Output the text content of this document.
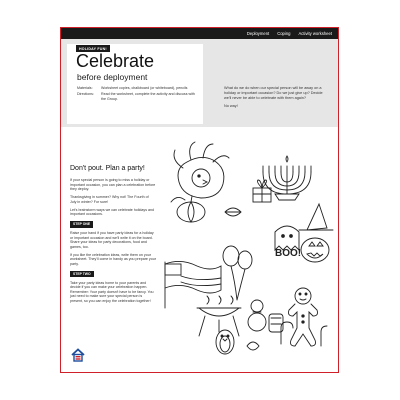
Deployment Coping Activity worksheet
HOLIDAY FUN!
Celebrate
before deployment
Materials:	Worksheet copies, chalkboard (or whiteboard), pencils
Directions:	Read the worksheet, complete the activity and discuss with the Group.

What do we do when our special person will be away on a holiday or important occasion? Do we just give up? Decide we'll never be able to celebrate with them again?

No way!

Don't pout. Plan a party!

If your special person is going to miss a holiday or important occasion, you can plan a celebration before they deploy.

Thanksgiving in summer? Why not! The Fourth of July in winter? For sure!

Let's brainstorm ways we can celebrate holidays and important occasions.

STEP ONE

Raise your hand if you have party ideas for a holiday or important occasion and we'll write it on the board. Share your ideas for party decorations, food and games, too.

If you like the celebration ideas, write them on your worksheet. They'll come in handy as you prepare your party.

STEP TWO

Take your party ideas home to your parents and decide if you can make your celebration happen. Remember: Your party doesn't have to be fancy. You just need to make sure your special person is present, so you can enjoy the celebration together!

BOO!
